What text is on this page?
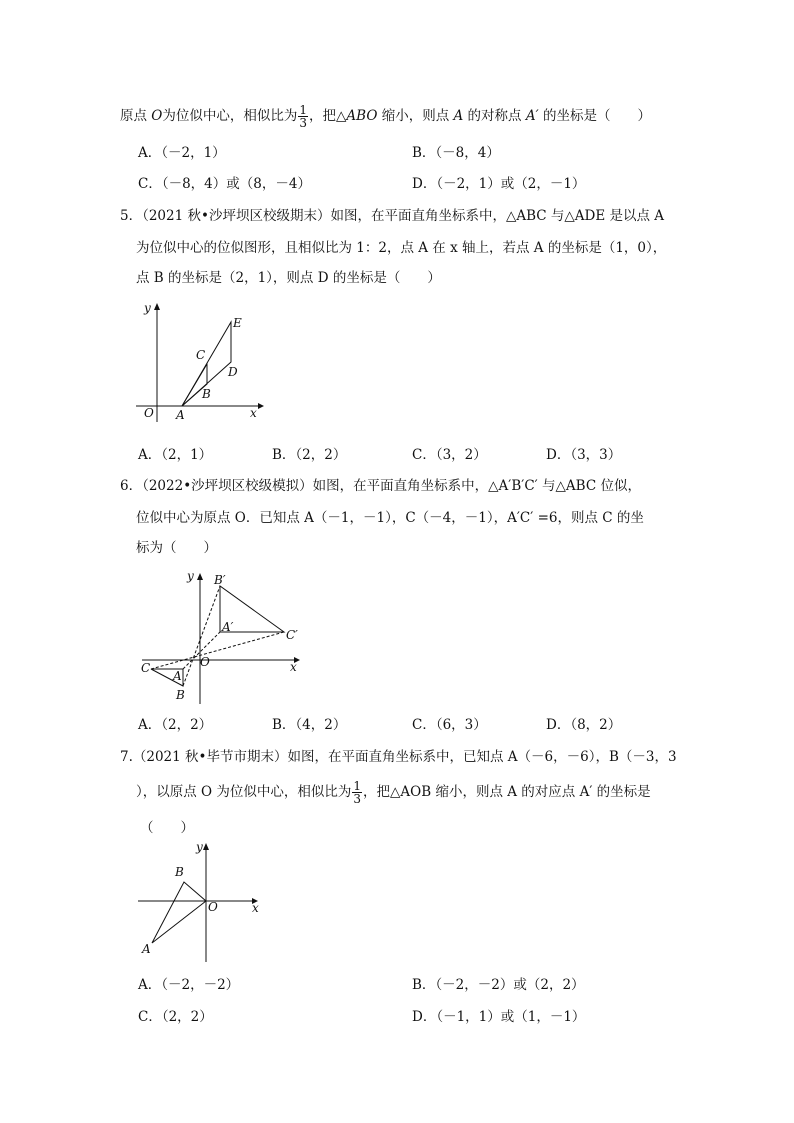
原点 O为位似中心，相似比为 $\frac{1}{3}$ ，把△ABO 缩小，则点 A 的对称点 A′ 的坐标是（　　）
A．（－2，1）	B．（－8，4）
C．（－8，4）或（8，－4）	D．（－2，1）或（2，－1）
5．（2021 秋•沙坪坝区校级期末）如图，在平面直角坐标系中，△ABC 与△ADE 是以点 A
为位似中心的位似图形，且相似比为 1：2，点 A 在 x 轴上，若点 A 的坐标是（1，0），
点 B 的坐标是（2，1），则点 D 的坐标是（　　）
y
x
O A
B
C
D
E
A．（2，1）	B．（2，2）	C．（3，2）	D．（3，3）
6．（2022•沙坪坝区校级模拟）如图，在平面直角坐标系中，△A′B′C′ 与△ABC 位似，
位似中心为原点 O．已知点 A（－1，－1），C（－4，－1），A′C′ =6，则点 C 的坐
标为（　　）
y
x
O
B′
A′
C′
C
A
B
A．（2，2）	B．（4，2）	C．（6，3）	D．（8，2）
7.（2021 秋•毕节市期末）如图，在平面直角坐标系中，已知点 A（－6，－6），B（－3，3
），以原点 O 为位似中心，相似比为 $\frac{1}{3}$ ，把△AOB 缩小，则点 A 的对应点 A′ 的坐标是
（　　）
y
x
O
B
A
A．（－2，－2）	B．（－2，－2）或（2，2）
C．（2，2）	D．（－1，1）或（1，－1）
